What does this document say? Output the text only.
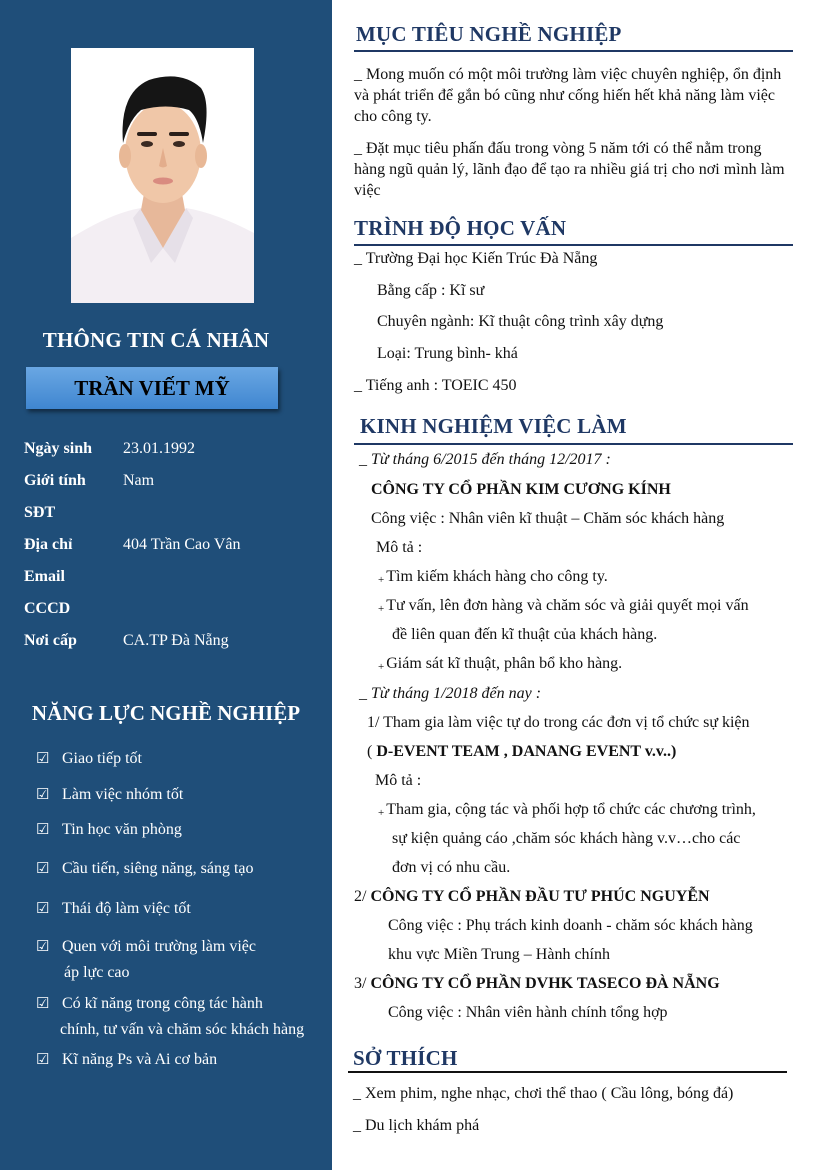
THÔNG TIN CÁ NHÂN
TRẦN VIẾT MỸ
Ngày sinh	23.01.1992
Giới tính	Nam
SĐT
Địa chỉ	404 Trần Cao Vân
Email
CCCD
Nơi cấp	CA.TP Đà Nẵng
NĂNG LỰC NGHỀ NGHIỆP
☑ Giao tiếp tốt
☑ Làm việc nhóm tốt
☑ Tin học văn phòng
☑ Cầu tiến, siêng năng, sáng tạo
☑ Thái độ làm việc tốt
☑ Quen với môi trường làm việc
áp lực cao
☑ Có kĩ năng trong công tác hành
chính, tư vấn và chăm sóc khách hàng
☑ Kĩ năng Ps và Ai cơ bản
MỤC TIÊU NGHỀ NGHIỆP
_ Mong muốn có một môi trường làm việc chuyên nghiệp, ổn định và phát triển để gắn bó cũng như cống hiến hết khả năng làm việc cho công ty.
_ Đặt mục tiêu phấn đấu trong vòng 5 năm tới có thể nằm trong hàng ngũ quản lý, lãnh đạo để tạo ra nhiều giá trị cho nơi mình làm việc
TRÌNH ĐỘ HỌC VẤN
_ Trường Đại học Kiến Trúc Đà Nẵng
Bằng cấp : Kĩ sư
Chuyên ngành: Kĩ thuật công trình xây dựng
Loại: Trung bình- khá
_ Tiếng anh : TOEIC 450
KINH NGHIỆM VIỆC LÀM
_ Từ tháng 6/2015 đến tháng 12/2017 :
CÔNG TY CỔ PHẦN KIM CƯƠNG KÍNH
Công việc : Nhân viên kĩ thuật – Chăm sóc khách hàng
Mô tả :
+ Tìm kiếm khách hàng cho công ty.
+ Tư vấn, lên đơn hàng và chăm sóc và giải quyết mọi vấn
đề liên quan đến kĩ thuật của khách hàng.
+ Giám sát kĩ thuật, phân bổ kho hàng.
_ Từ tháng 1/2018 đến nay :
1/ Tham gia làm việc tự do trong các đơn vị tổ chức sự kiện
( D-EVENT TEAM , DANANG EVENT v.v..)
Mô tả :
+ Tham gia, cộng tác và phối hợp tổ chức các chương trình,
sự kiện quảng cáo ,chăm sóc khách hàng v.v…cho các
đơn vị có nhu cầu.
2/ CÔNG TY CỔ PHẦN ĐẦU TƯ PHÚC NGUYỄN
Công việc : Phụ trách kinh doanh - chăm sóc khách hàng
khu vực Miền Trung – Hành chính
3/ CÔNG TY CỔ PHẦN DVHK TASECO ĐÀ NẴNG
Công việc : Nhân viên hành chính tổng hợp
SỞ THÍCH
_ Xem phim, nghe nhạc, chơi thể thao ( Cầu lông, bóng đá)
_ Du lịch khám phá
